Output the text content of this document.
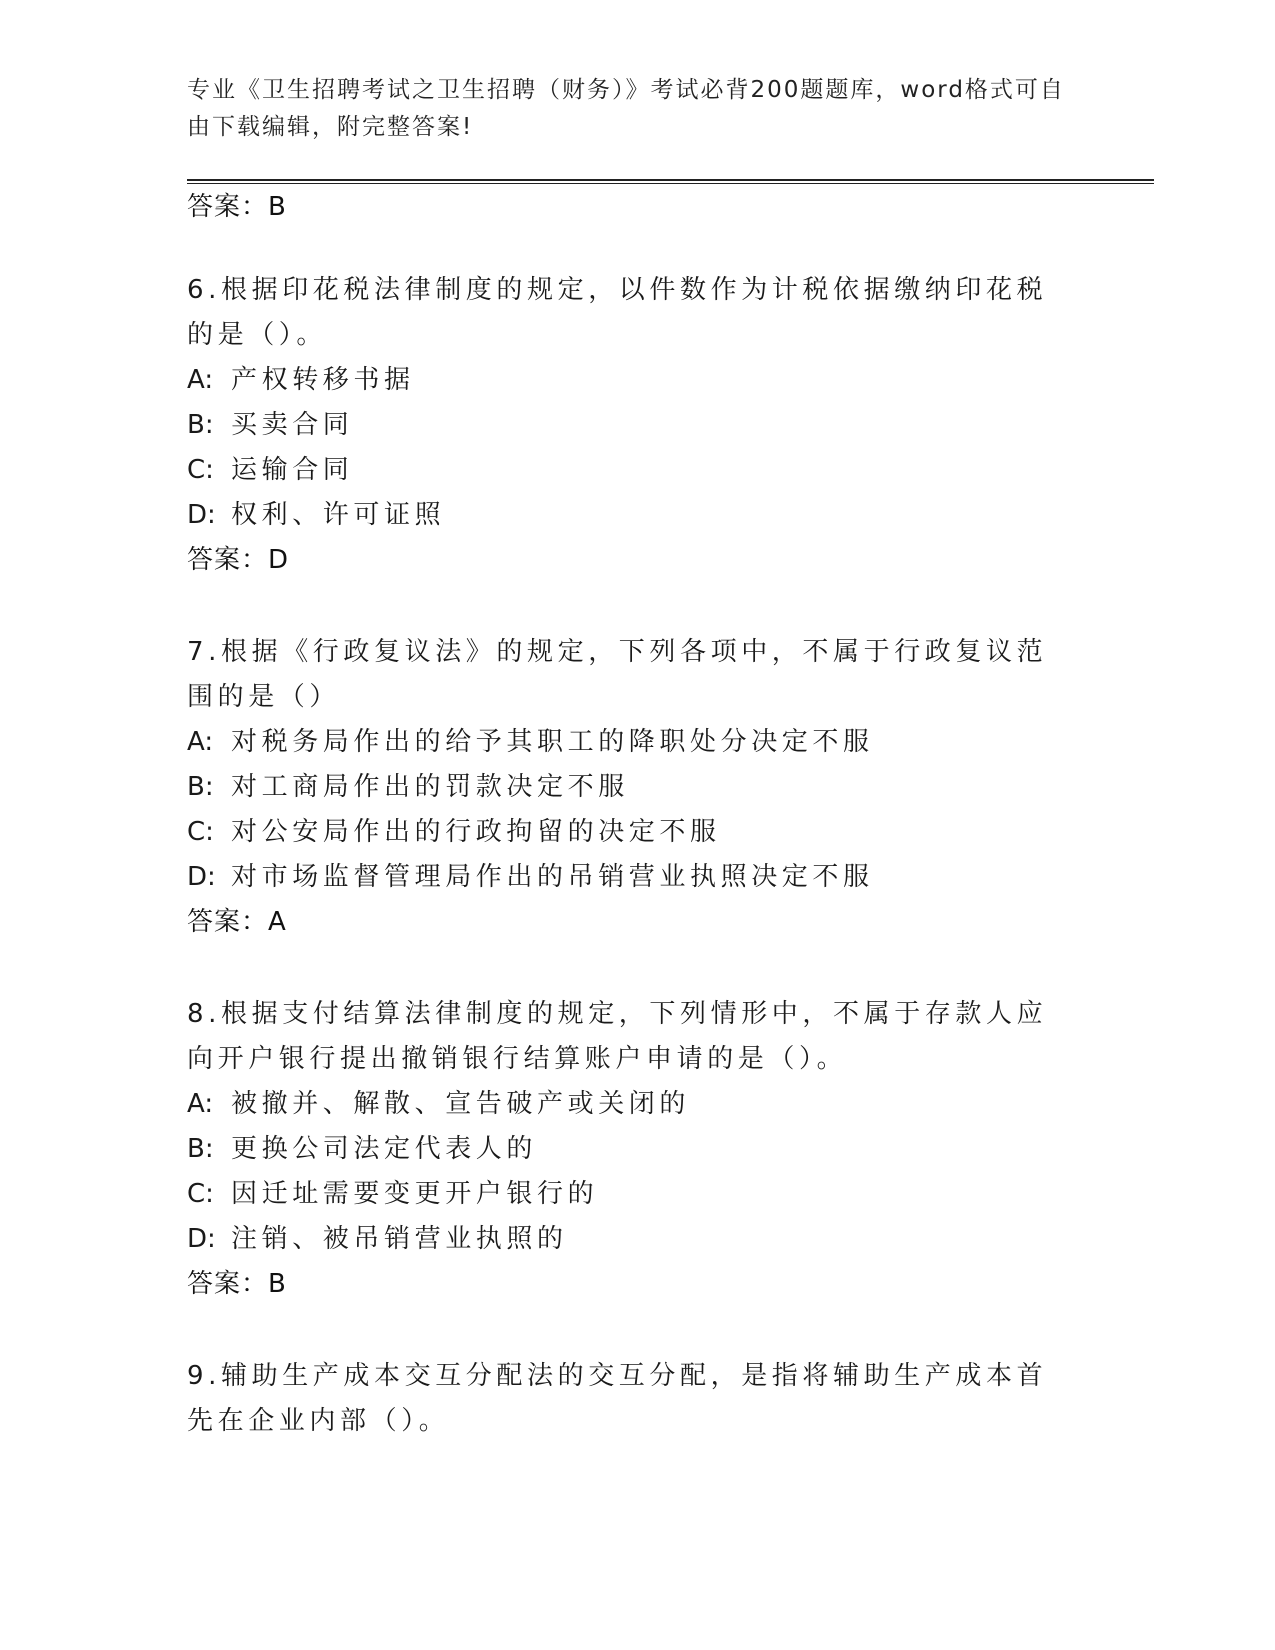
专业《卫生招聘考试之卫生招聘（财务）》考试必背200题题库，word格式可自由下载编辑，附完整答案!
答案：B
6.根据印花税法律制度的规定，以件数作为计税依据缴纳印花税的是（）。
A: 产权转移书据
B: 买卖合同
C: 运输合同
D: 权利、许可证照
答案：D
7.根据《行政复议法》的规定，下列各项中，不属于行政复议范围的是（）
A: 对税务局作出的给予其职工的降职处分决定不服
B: 对工商局作出的罚款决定不服
C: 对公安局作出的行政拘留的决定不服
D: 对市场监督管理局作出的吊销营业执照决定不服
答案：A
8.根据支付结算法律制度的规定，下列情形中，不属于存款人应向开户银行提出撤销银行结算账户申请的是（）。
A: 被撤并、解散、宣告破产或关闭的
B: 更换公司法定代表人的
C: 因迁址需要变更开户银行的
D: 注销、被吊销营业执照的
答案：B
9.辅助生产成本交互分配法的交互分配，是指将辅助生产成本首先在企业内部（）。
